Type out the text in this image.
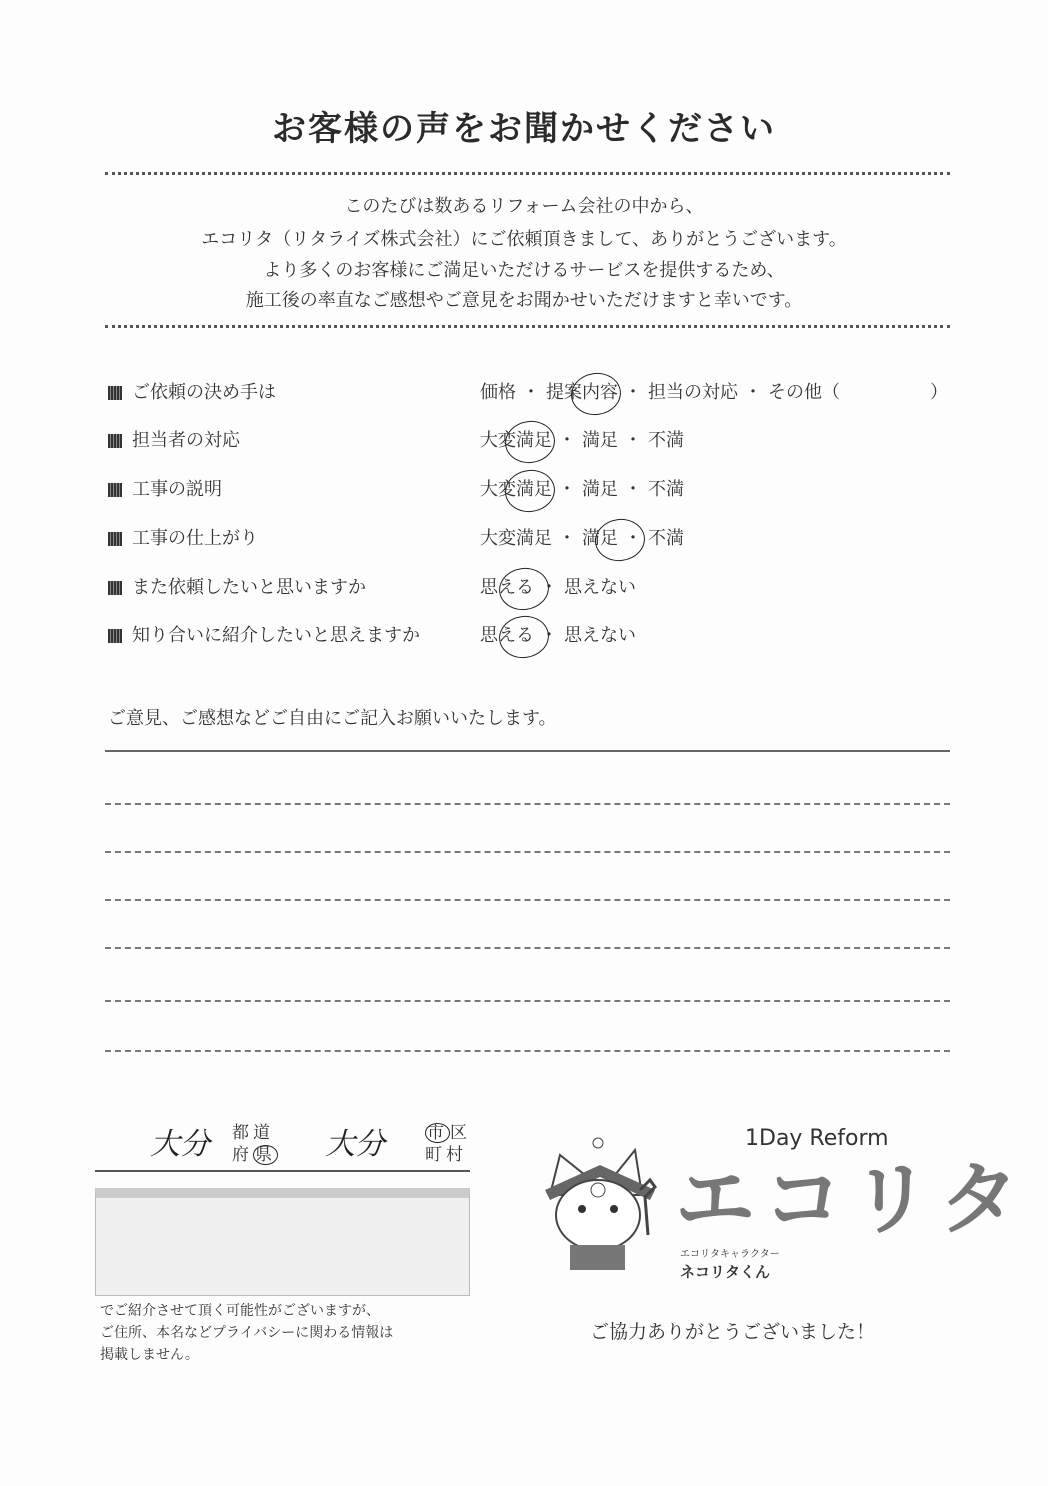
お客様の声をお聞かせください
このたびは数あるリフォーム会社の中から、
エコリタ（リタライズ株式会社）にご依頼頂きまして、ありがとうございます。
より多くのお客様にご満足いただけるサービスを提供するため、
施工後の率直なご感想やご意見をお聞かせいただけますと幸いです。
ご依頼の決め手は	価格 ・ 提案内容 ・ 担当の対応 ・ その他（　　　　　）
担当者の対応	大変満足 ・ 満足 ・ 不満
工事の説明	大変満足 ・ 満足 ・ 不満
工事の仕上がり	大変満足 ・ 満足 ・ 不満
また依頼したいと思いますか	思える ・ 思えない
知り合いに紹介したいと思えますか	思える ・ 思えない
ご意見、ご感想などご自由にご記入お願いいたします。
大分 都道
府 県 大分 市 区
町村
でご紹介させて頂く可能性がございますが、
ご住所、本名などプライバシーに関わる情報は
掲載しません。
1Day Reform
エコリタ
エコリタキャラクター
ネコリタくん
ご協力ありがとうございました！
